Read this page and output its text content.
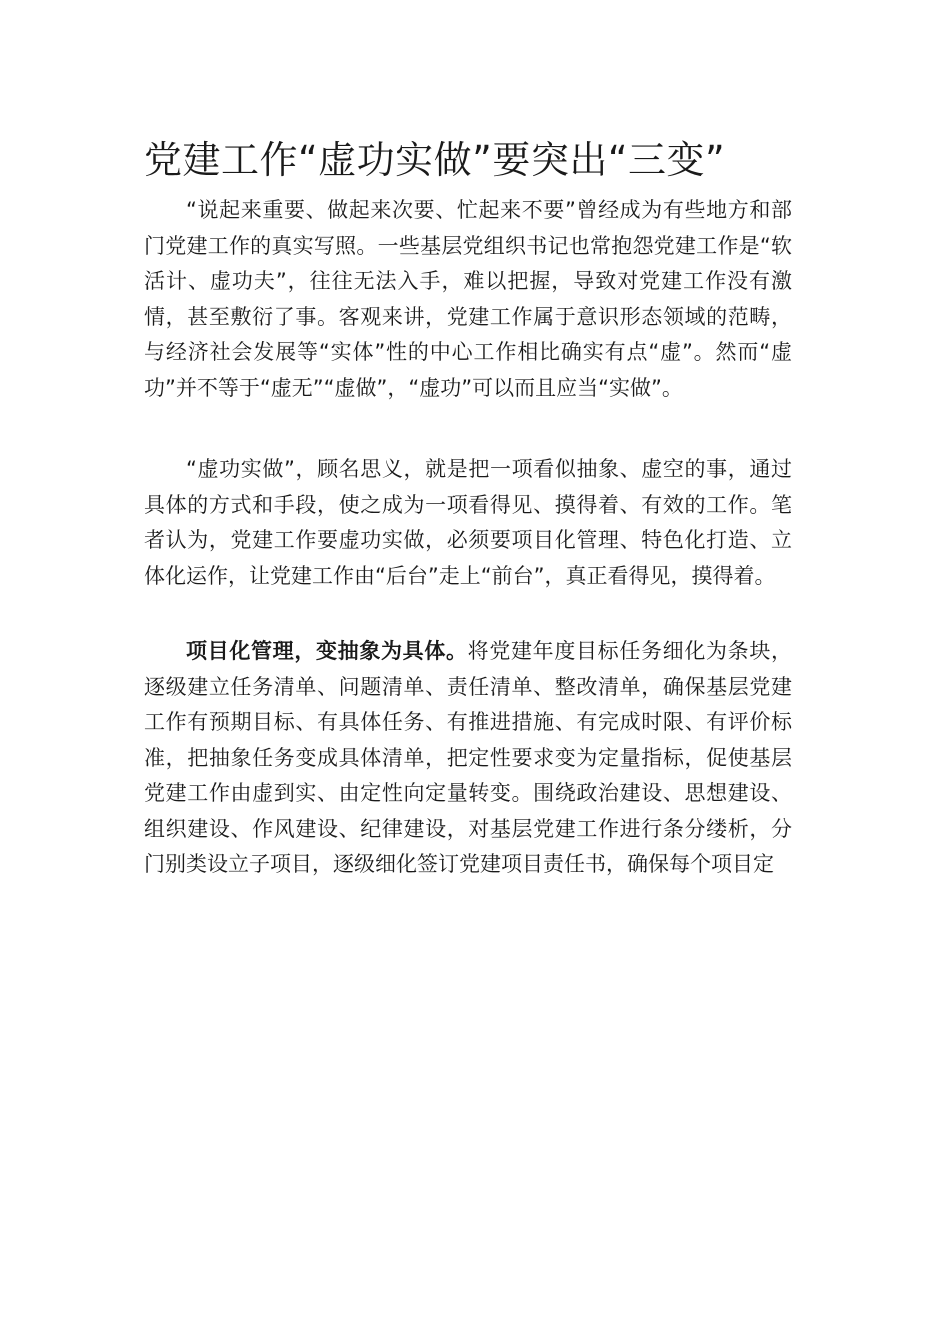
党建工作“虚功实做”要突出“三变”

“说起来重要、做起来次要、忙起来不要”曾经成为有些地方和部门党建工作的真实写照。一些基层党组织书记也常抱怨党建工作是“软活计、虚功夫”，往往无法入手，难以把握，导致对党建工作没有激情，甚至敷衍了事。客观来讲，党建工作属于意识形态领域的范畴，与经济社会发展等“实体”性的中心工作相比确实有点“虚”。然而“虚功”并不等于“虚无”“虚做”，“虚功”可以而且应当“实做”。

“虚功实做”，顾名思义，就是把一项看似抽象、虚空的事，通过具体的方式和手段，使之成为一项看得见、摸得着、有效的工作。笔者认为，党建工作要虚功实做，必须要项目化管理、特色化打造、立体化运作，让党建工作由“后台”走上“前台”，真正看得见，摸得着。

项目化管理，变抽象为具体。将党建年度目标任务细化为条块，逐级建立任务清单、问题清单、责任清单、整改清单，确保基层党建工作有预期目标、有具体任务、有推进措施、有完成时限、有评价标准，把抽象任务变成具体清单，把定性要求变为定量指标，促使基层党建工作由虚到实、由定性向定量转变。围绕政治建设、思想建设、组织建设、作风建设、纪律建设，对基层党建工作进行条分缕析，分门别类设立子项目，逐级细化签订党建项目责任书，确保每个项目定
